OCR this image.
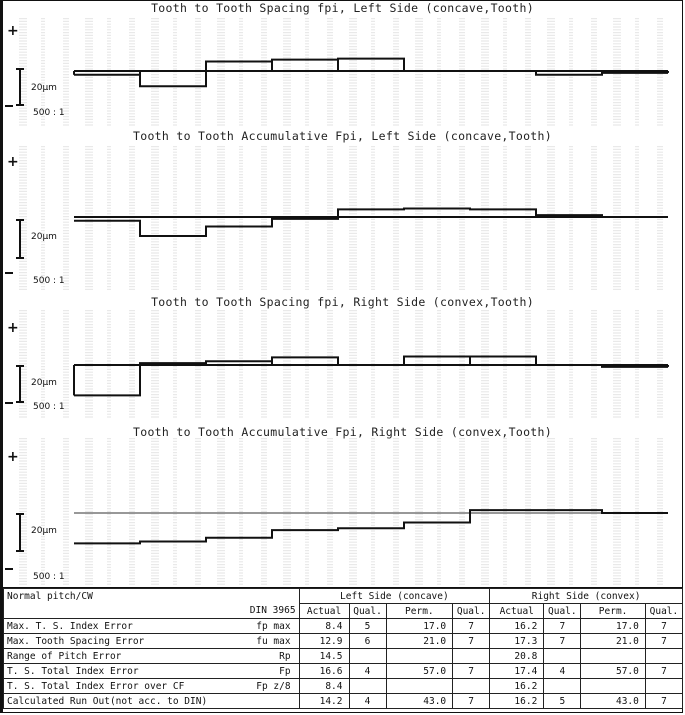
Tooth to Tooth Spacing fpi, Left Side (concave,Tooth)
+
20µm
500 : 1
Tooth to Tooth Accumulative Fpi, Left Side (concave,Tooth)
+
20µm
500 : 1
Tooth to Tooth Spacing fpi, Right Side (convex,Tooth)
+
20µm
500 : 1
Tooth to Tooth Accumulative Fpi, Right Side (convex,Tooth)
+
20µm
500 : 1
Normal pitch/CW		Left Side (concave)				Right Side (convex)			
DIN 3965		Actual	Qual.	Perm.	Qual.	Actual	Qual.	Perm.	Qual.
Max. T. S. Index Error	fp max	8.4	5	17.0	7	16.2	7	17.0	7
Max. Tooth Spacing Error	fu max	12.9	6	21.0	7	17.3	7	21.0	7
Range of Pitch Error	Rp	14.5				20.8			
T. S. Total Index Error	Fp	16.6	4	57.0	7	17.4	4	57.0	7
T. S. Total Index Error over CF	Fp z/8	8.4				16.2			
Calculated Run Out(not acc. to DIN)		14.2	4	43.0	7	16.2	5	43.0	7
